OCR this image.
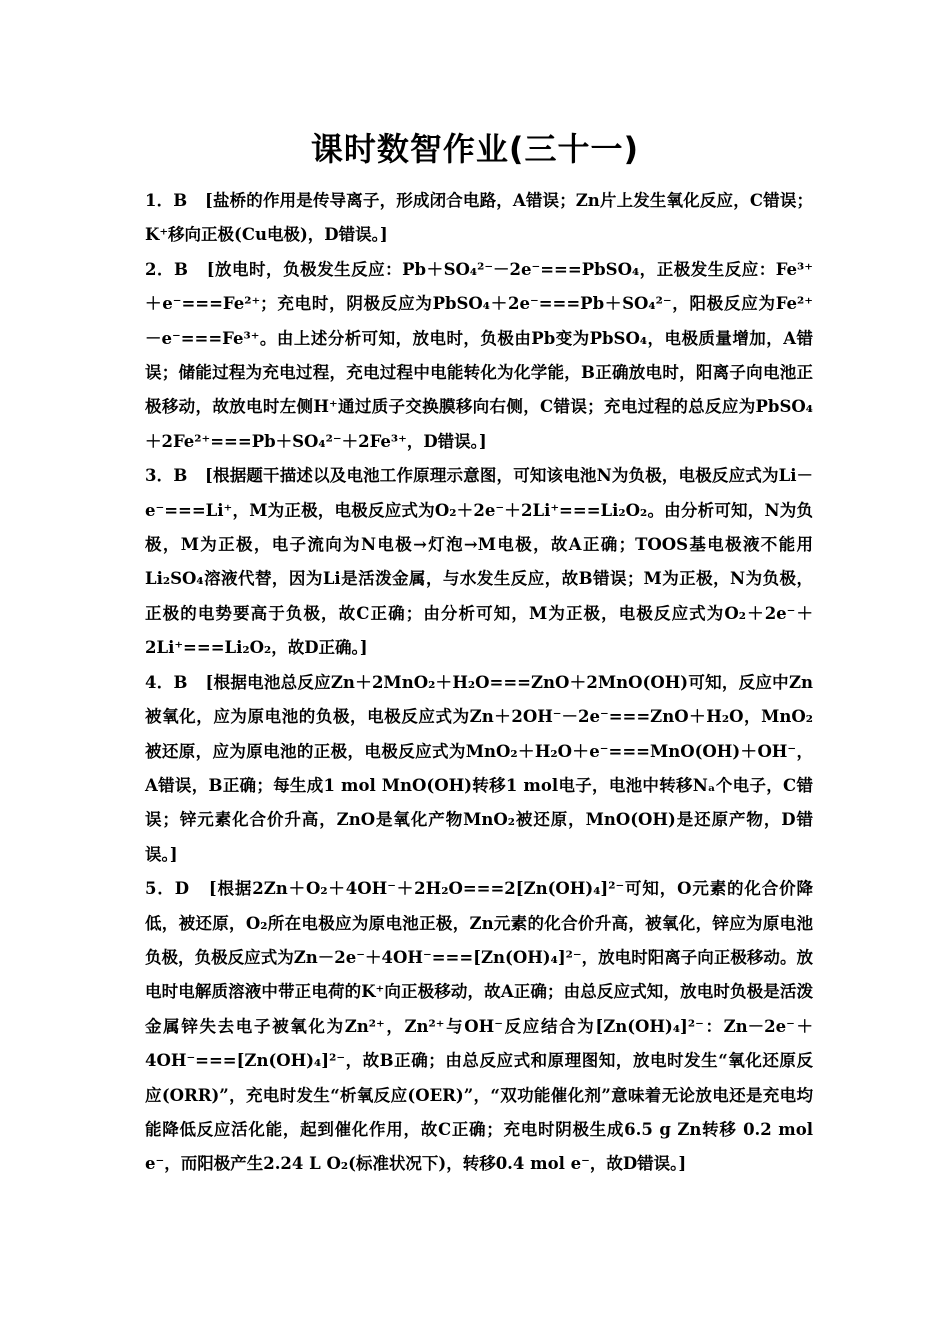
课时数智作业(三十一)

1．B [盐桥的作用是传导离子，形成闭合电路，A错误；Zn片上发生氧化反应，C错误；K⁺移向正极(Cu电极)，D错误。]

2．B [放电时，负极发生反应：Pb＋SO₄²⁻－2e⁻===PbSO₄，正极发生反应：Fe³⁺＋e⁻===Fe²⁺；充电时，阴极反应为PbSO₄＋2e⁻===Pb＋SO₄²⁻，阳极反应为Fe²⁺－e⁻===Fe³⁺。由上述分析可知，放电时，负极由Pb变为PbSO₄，电极质量增加，A错误；储能过程为充电过程，充电过程中电能转化为化学能，B正确放电时，阳离子向电池正极移动，故放电时左侧H⁺通过质子交换膜移向右侧，C错误；充电过程的总反应为PbSO₄＋2Fe²⁺===Pb＋SO₄²⁻＋2Fe³⁺，D错误。]

3．B [根据题干描述以及电池工作原理示意图，可知该电池N为负极，电极反应式为Li－e⁻===Li⁺，M为正极，电极反应式为O₂＋2e⁻＋2Li⁺===Li₂O₂。由分析可知，N为负极，M为正极，电子流向为N电极→灯泡→M电极，故A正确；TOOS基电极液不能用Li₂SO₄溶液代替，因为Li是活泼金属，与水发生反应，故B错误；M为正极，N为负极，正极的电势要高于负极，故C正确；由分析可知，M为正极，电极反应式为O₂＋2e⁻＋2Li⁺===Li₂O₂，故D正确。]

4．B [根据电池总反应Zn＋2MnO₂＋H₂O===ZnO＋2MnO(OH)可知，反应中Zn被氧化，应为原电池的负极，电极反应式为Zn＋2OH⁻－2e⁻===ZnO＋H₂O，MnO₂被还原，应为原电池的正极，电极反应式为MnO₂＋H₂O＋e⁻===MnO(OH)＋OH⁻，A错误，B正确；每生成1 mol MnO(OH)转移1 mol电子，电池中转移Nₐ个电子，C错误；锌元素化合价升高，ZnO是氧化产物MnO₂被还原，MnO(OH)是还原产物，D错误。]

5．D [根据2Zn＋O₂＋4OH⁻＋2H₂O===2[Zn(OH)₄]²⁻可知，O元素的化合价降低，被还原，O₂所在电极应为原电池正极，Zn元素的化合价升高，被氧化，锌应为原电池负极，负极反应式为Zn－2e⁻＋4OH⁻===[Zn(OH)₄]²⁻，放电时阳离子向正极移动。放电时电解质溶液中带正电荷的K⁺向正极移动，故A正确；由总反应式知，放电时负极是活泼金属锌失去电子被氧化为Zn²⁺，Zn²⁺与OH⁻反应结合为[Zn(OH)₄]²⁻：Zn－2e⁻＋4OH⁻===[Zn(OH)₄]²⁻，故B正确；由总反应式和原理图知，放电时发生“氧化还原反应(ORR)”，充电时发生“析氧反应(OER)”，“双功能催化剂”意味着无论放电还是充电均能降低反应活化能，起到催化作用，故C正确；充电时阴极生成6.5 g Zn转移 0.2 mol e⁻，而阳极产生2.24 L O₂(标准状况下)，转移0.4 mol e⁻，故D错误。]
